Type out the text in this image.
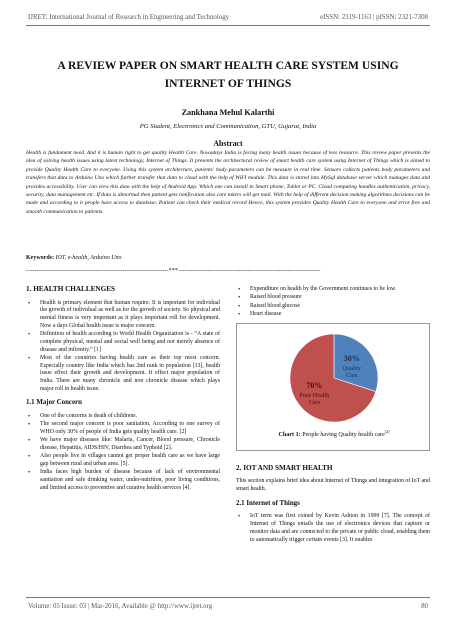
IJRET: International Journal of Research in Engineering and Technology	eISSN: 2319-1163 | pISSN: 2321-7308
A REVIEW PAPER ON SMART HEALTH CARE SYSTEM USING
INTERNET OF THINGS
Zankhana Mehul Kalarthi
PG Student, Electronics and Communication, GTU, Gujarat, India
Abstract
Health is fundament need. And it is human right to get quality Health Care. Nowadays India is facing many health issues because of less resource. This review paper presents the idea of solving health issues using latest technology, Internet of Things. It presents the architectural review of smart health care system using Internet of Things which is aimed to provide Quality Health Care to everyone. Using this system architecture, patients' body parameters can be measure in real time. Sensors collects patients body parameters and transfers that data to Arduino Uno which further transfer that data to cloud with the help of WiFI module. This data is stored into MySql database server which manages data and provides accessibility. User can view this data with the help of Android App. Which one can install in Smart phone, Tablet or PC. Cloud computing handles authentication, privacy, security, data management etc. If data is abnormal then patient gets notification also care takers will get mail. With the help of different decision making algorithms decisions can be made and according to it people have access to database. Patient can check their medical record Hence, this system provides Quality Health Care to everyone and error free and smooth communication to patients.
Keywords: IOT, e-health, Arduino Uno
--------------------------------------------------------------------***--------------------------------------------------------------------
1. HEALTH CHALLENGES
• Health is primary element that human require. It is important for individual the growth of individual as well as for the growth of society. So physical and mental fitness is very important as it plays important roll for development. Now a days Global health issue is major concern.
• Definition of health according to World Health Organization is - “A state of complete physical, mental and social well being and not merely absence of disease and infirmity.” [1]
• Most of the countries having health care as their top most concern. Especially country like India which has 2nd rank in population [13], health issue effect their growth and development. It effect major population of India. There are many chronicle and non chronicle disease which plays major roll in health issue.
1.1 Major Concern
• One of the concerns is death of childrens.
• The second major concern is poor sanitation. According to one survey of WHO only 30% of people of India gets quality health care. [2]
• We have major diseases like: Malaria, Cancer, Blood pressure, Chronicle disease, Hepatitis, AIDS/HIV, Diarrhea and Typhoid [2].
• Also people live in villages cannot get proper health care as we have large gap between rural and urban area. [5].
• India faces high burden of disease because of lack of environmental sanitation and safe drinking water, under-nutrition, poor living conditions, and limited access to preventive and curative health services [4].
• Expenditure on health by the Government continues to be low.
• Raised blood pressure
• Raised blood glucose
• Heart disease
30%
Quality
Care
70%
Poor Health
Care
Chart 1: People having Quality health care[2]
2. IOT AND SMART HEALTH
This section explains brief idea about Internet of Things and integration of IoT and smart health.
2.1 Internet of Things
• IoT term was first coined by Kevin Ashton in 1999 [7]. The concept of Internet of Things entails the use of electronics devices that capture or monitor data and are connected to the private or public cloud, enabling them to automatically trigger certain events [3]. It enables
Volume: 05 Issue: 03 | Mar-2016, Available @ http://www.ijret.org	80
